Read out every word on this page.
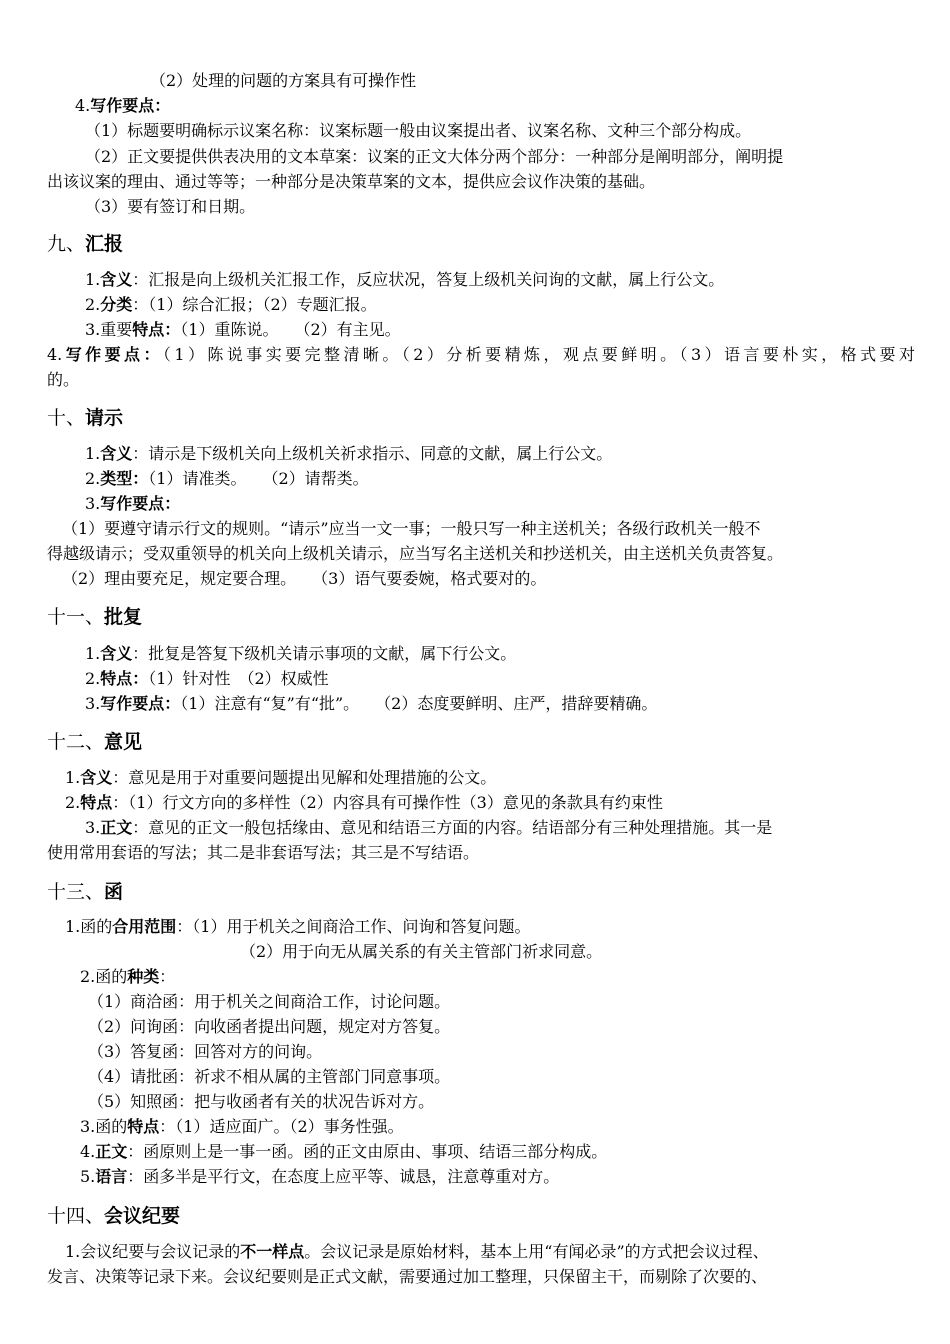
（2）处理的问题的方案具有可操作性
4.写作要点：
（1）标题要明确标示议案名称：议案标题一般由议案提出者、议案名称、文种三个部分构成。
（2）正文要提供供表决用的文本草案：议案的正文大体分两个部分：一种部分是阐明部分，阐明提
出该议案的理由、通过等等；一种部分是决策草案的文本，提供应会议作决策的基础。
（3）要有签订和日期。
九、汇报
1.含义：汇报是向上级机关汇报工作，反应状况，答复上级机关问询的文献，属上行公文。
2.分类：（1）综合汇报；（2）专题汇报。
3.重要特点：（1）重陈说。　　（2）有主见。
4.写作要点：（1）陈说事实要完整清晰。（2）分析要精炼，观点要鲜明。（3）语言要朴实，格式要对
的。
十、请示
1.含义：请示是下级机关向上级机关祈求指示、同意的文献，属上行公文。
2.类型：（1）请准类。　　（2）请帮类。
3.写作要点：
（1）要遵守请示行文的规则。“请示”应当一文一事；一般只写一种主送机关；各级行政机关一般不
得越级请示；受双重领导的机关向上级机关请示，应当写名主送机关和抄送机关，由主送机关负责答复。
（2）理由要充足，规定要合理。　　（3）语气要委婉，格式要对的。
十一、批复
1.含义：批复是答复下级机关请示事项的文献，属下行公文。
2.特点：（1）针对性　（2）权威性
3.写作要点：（1）注意有“复”有“批”。　　（2）态度要鲜明、庄严，措辞要精确。
十二、意见
1.含义：意见是用于对重要问题提出见解和处理措施的公文。
2.特点：（1）行文方向的多样性（2）内容具有可操作性（3）意见的条款具有约束性
3.正文：意见的正文一般包括缘由、意见和结语三方面的内容。结语部分有三种处理措施。其一是
使用常用套语的写法；其二是非套语写法；其三是不写结语。
十三、函
1.函的合用范围：（1）用于机关之间商洽工作、问询和答复问题。
（2）用于向无从属关系的有关主管部门祈求同意。
2.函的种类：
（1）商洽函：用于机关之间商洽工作，讨论问题。
（2）问询函：向收函者提出问题，规定对方答复。
（3）答复函：回答对方的问询。
（4）请批函：祈求不相从属的主管部门同意事项。
（5）知照函：把与收函者有关的状况告诉对方。
3.函的特点：（1）适应面广。（2）事务性强。
4.正文：函原则上是一事一函。函的正文由原由、事项、结语三部分构成。
5.语言：函多半是平行文，在态度上应平等、诚恳，注意尊重对方。
十四、会议纪要
1.会议纪要与会议记录的不一样点。会议记录是原始材料，基本上用“有闻必录”的方式把会议过程、
发言、决策等记录下来。会议纪要则是正式文献，需要通过加工整理，只保留主干，而剔除了次要的、
